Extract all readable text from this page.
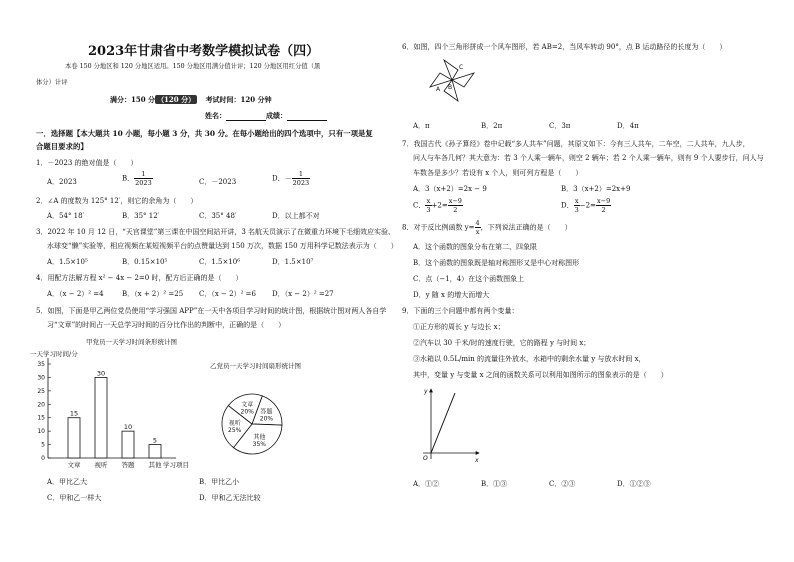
2023年甘肃省中考数学模拟试卷（四）
本卷 150 分地区和 120 分地区适用。150 分地区用满分值计评；120 分地区用红分值（黑
体分）计评
满分：150 分 （120 分） 考试时间：120 分钟
姓名：	成绩：
一．选择题【本大题共 10 小题，每小题 3 分，共 30 分。在每小题给出的四个选项中，只有一项是复
合题目要求的】
1．－2023 的绝对值是（　　）
A．2023	B． $\frac{1}{2023}$	C．－2023	D．－ $\frac{1}{2023}$
2．∠A 的度数为 125° 12′，则它的余角为（　　）
A．54° 18′	B．35° 12′	C．35° 48′	D．以上都不对
3．2022 年 10 月 12 日，“天宫课堂”第三课在中国空间站开讲，3 名航天员演示了在微重力环境下毛细效应实验、
水球变“懒”实验等，相应视频在某短视频平台的点赞量达到 150 万次，数据 150 万用科学记数法表示为（　　）
A．1.5×10⁵	B．0.15×10⁵	C．1.5×10⁶	D．1.5×10⁷
4．用配方法解方程 x² − 4x − 2=0 时，配方后正确的是（　　）
A．（x − 2）² =4	B．（x + 2）² =25 C．（x − 2）² =6 D．（x − 2）² =27
5．如图，下面是甲乙两位党员使用“学习强国 APP”在一天中各项目学习时间的统计图，根据统计图对两人各自学
习“文章”的时间占一天总学习时间的百分比作出的判断中，正确的是（　　）
甲党员一天学习时间条形统计图
一天学习时间/分
0
5
10
15
20
25
30
35
15
文章
30
视听
10
答题
5
其他 学习项目
乙党员一天学习时间扇形统计图
答题
20%
其他
35%
视听
25%
文章
20%
A．甲比乙大	B．甲比乙小
C．甲和乙一样大	D．甲和乙无法比较
6．如图，四个三角形拼成一个风车图形，若 AB=2，当风车转动 90°，点 B 运动路径的长度为（　　）
C
A B
A．π	B．2π	C．3π	D．4π
7．我国古代《孙子算经》卷中记载“多人共车”问题，其原文如下：今有三人共车，二车空，二人共车，九人步，
问人与车各几何？其大意为：若 3 个人乘一辆车，则空 2 辆车；若 2 个人乘一辆车，则有 9 个人要步行，问人与
车数各是多少？若设有 x 个人，则可列方程是（　　）
A．3（x+2）=2x − 9	B．3（x+2）=2x+9
C． $\frac{x}{3} +2= \frac{x-9}{2}$	D． $\frac{x}{3} -2= \frac{x-9}{2}$
8．对于反比例函数 $y= \frac{4}{x}$ ，下列说法正确的是（　　）
A．这个函数的图象分布在第二、四象限
B．这个函数的图象既是轴对称图形又是中心对称图形
C．点（−1，4）在这个函数图象上
D．y 随 x 的增大而增大
9．下面的三个问题中都有两个变量：
①正方形的周长 y 与边长 x；
②汽车以 30 千米/时的速度行驶，它的路程 y 与时间 x；
③水箱以 0.5L/min 的流量往外放水，水箱中的剩余水量 y 与放水时间 x，
其中，变量 y 与变量 x 之间的函数关系可以利用如图所示的图象表示的是（　　）
y
x
O
A．①②	B．①③	C．②③	D．①②③
